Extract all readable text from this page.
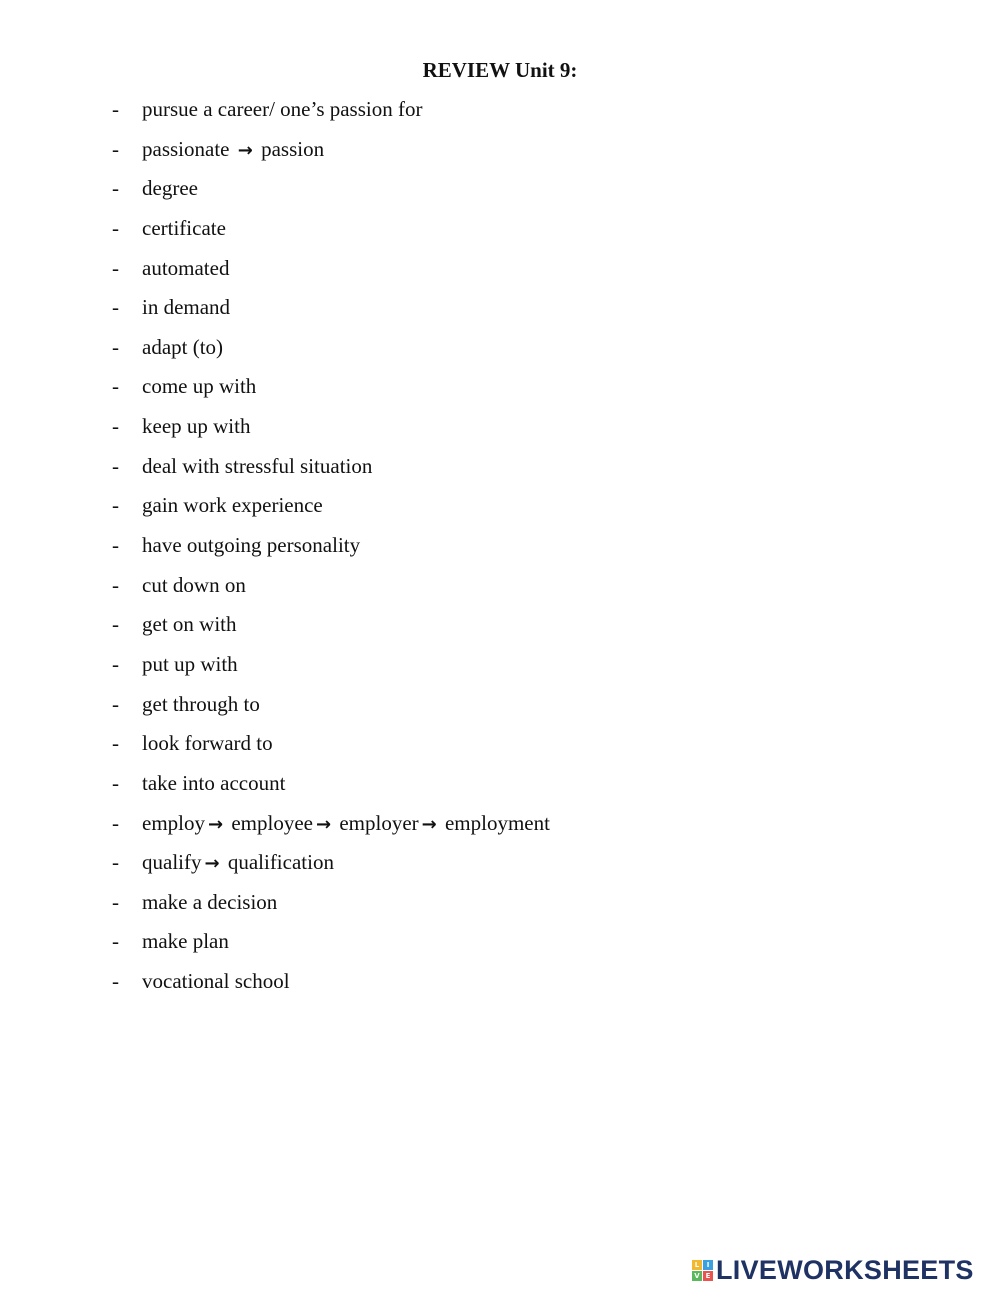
REVIEW Unit 9:
-	pursue a career/ one’s passion for
-	passionate → passion
-	degree
-	certificate
-	automated
-	in demand
-	adapt (to)
-	come up with
-	keep up with
-	deal with stressful situation
-	gain work experience
-	have outgoing personality
-	cut down on
-	get on with
-	put up with
-	get through to
-	look forward to
-	take into account
-	employ → employee → employer → employment
-	qualify → qualification
-	make a decision
-	make plan
-	vocational school
L	I
V E LIVEWORKSHEETS
